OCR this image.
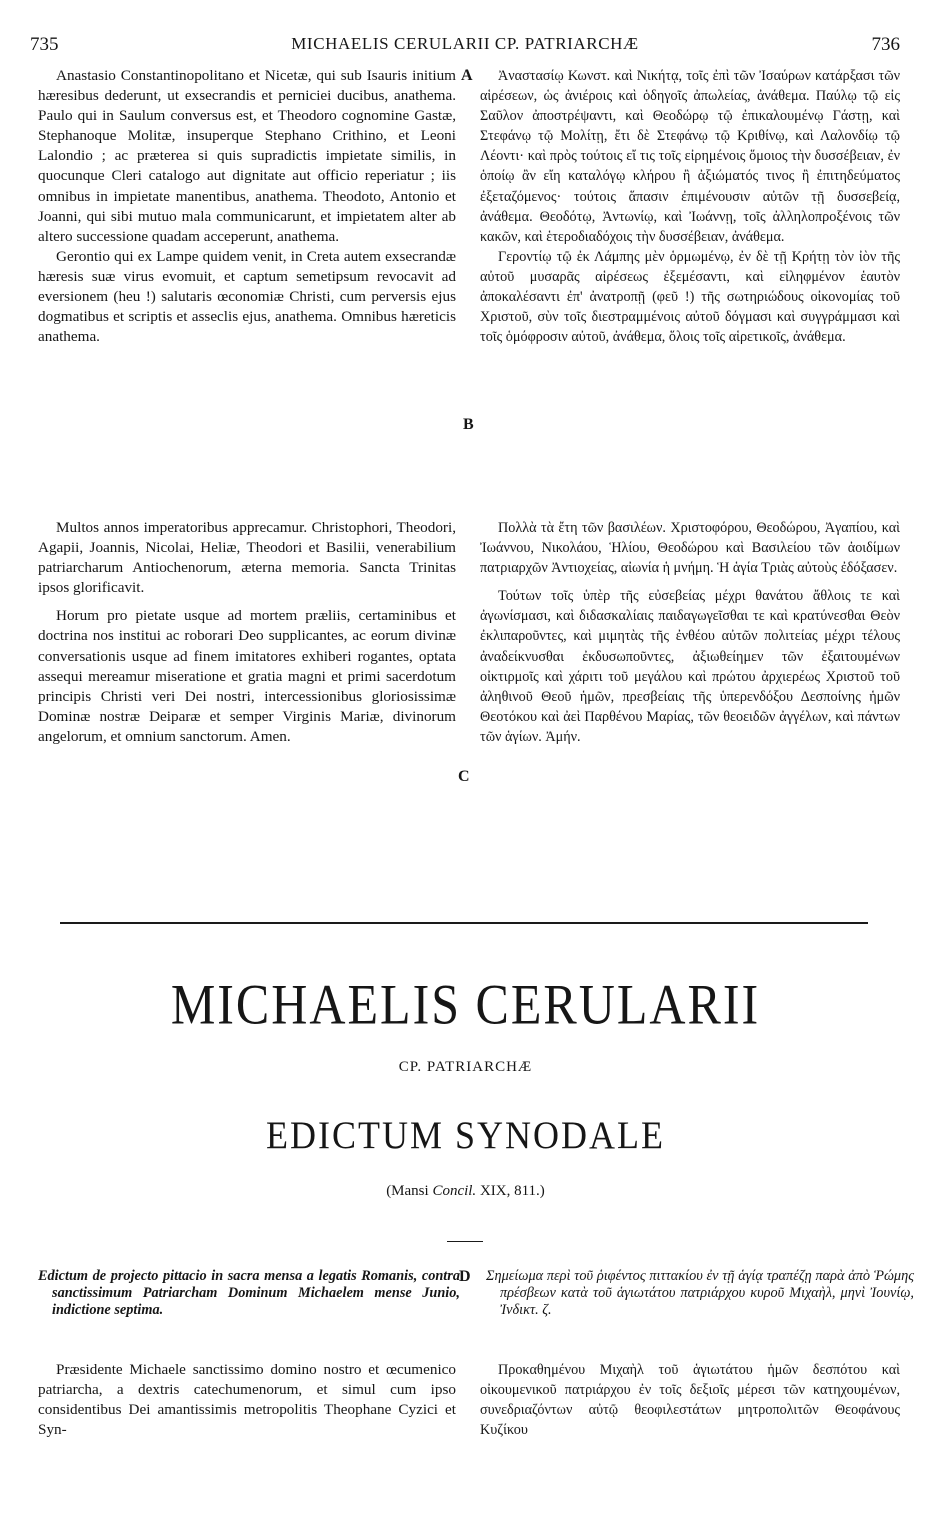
735	MICHAELIS CERULARII CP. PATRIARCHÆ	736

Anastasio Constantinopolitano et Nicetæ, qui sub Isauris initium hæresibus dederunt, ut exsecrandis et perniciei ducibus, anathema. Paulo qui in Saulum conversus est, et Theodoro cognomine Gastæ, Stephanoque Molitæ, insuperque Stephano Crithino, et Leoni Lalondio ; ac præterea si quis supradictis impietate similis, in quocunque Cleri catalogo aut dignitate aut officio reperiatur ; iis omnibus in impietate manentibus, anathema. Theodoto, Antonio et Joanni, qui sibi mutuo mala communicarunt, et impietatem alter ab altero successione quadam acceperunt, anathema.

Gerontio qui ex Lampe quidem venit, in Creta autem exsecrandæ hæresis suæ virus evomuit, et captum semetipsum revocavit ad eversionem (heu !) salutaris œconomiæ Christi, cum perversis ejus dogmatibus et scriptis et asseclis ejus, anathema. Omnibus hæreticis anathema.

Ἀναστασίῳ Κωνστ. καὶ Νικήτᾳ, τοῖς ἐπὶ τῶν Ἰσαύρων κατάρξασι τῶν αἱρέσεων, ὡς ἀνιέροις καὶ ὁδηγοῖς ἀπωλείας, ἀνάθεμα. Παύλῳ τῷ εἰς Σαῦλον ἀποστρέψαντι, καὶ Θεοδώρῳ τῷ ἐπικαλουμένῳ Γάστῃ, καὶ Στεφάνῳ τῷ Μολίτῃ, ἔτι δὲ Στεφάνῳ τῷ Κριθίνῳ, καὶ Λαλονδίῳ τῷ Λέοντι· καὶ πρὸς τούτοις εἴ τις τοῖς εἰρημένοις ὅμοιος τὴν δυσσέβειαν, ἐν ὁποίῳ ἂν εἴη καταλόγῳ κλήρου ἢ ἀξιώματός τινος ἢ ἐπιτηδεύματος ἐξεταζόμενος· τούτοις ἅπασιν ἐπιμένουσιν αὐτῶν τῇ δυσσεβείᾳ, ἀνάθεμα. Θεοδότῳ, Ἀντωνίῳ, καὶ Ἰωάννῃ, τοῖς ἀλληλοπροξένοις τῶν κακῶν, καὶ ἑτεροδιαδόχοις τὴν δυσσέβειαν, ἀνάθεμα.

Γεροντίῳ τῷ ἐκ Λάμπης μὲν ὁρμωμένῳ, ἐν δὲ τῇ Κρήτῃ τὸν ἰὸν τῆς αὐτοῦ μυσαρᾶς αἱρέσεως ἐξεμέσαντι, καὶ εἰληφμένον ἑαυτὸν ἀποκαλέσαντι ἐπ' ἀνατροπῇ (φεῦ !) τῆς σωτηριώδους οἰκονομίας τοῦ Χριστοῦ, σὺν τοῖς διεστραμμένοις αὐτοῦ δόγμασι καὶ συγγράμμασι καὶ τοῖς ὁμόφροσιν αὐτοῦ, ἀνάθεμα, ὅλοις τοῖς αἱρετικοῖς, ἀνάθεμα.

Multos annos imperatoribus apprecamur. Christophori, Theodori, Agapii, Joannis, Nicolai, Heliæ, Theodori et Basilii, venerabilium patriarcharum Antiochenorum, æterna memoria. Sancta Trinitas ipsos glorificavit.

Horum pro pietate usque ad mortem præliis, certaminibus et doctrina nos institui ac roborari Deo supplicantes, ac eorum divinæ conversationis usque ad finem imitatores exhiberi rogantes, optata assequi mereamur miseratione et gratia magni et primi sacerdotum principis Christi veri Dei nostri, intercessionibus gloriosissimæ Dominæ nostræ Deiparæ et semper Virginis Mariæ, divinorum angelorum, et omnium sanctorum. Amen.

Πολλὰ τὰ ἔτη τῶν βασιλέων. Χριστοφόρου, Θεοδώρου, Ἀγαπίου, καὶ Ἰωάννου, Νικολάου, Ἡλίου, Θεοδώρου καὶ Βασιλείου τῶν ἀοιδίμων πατριαρχῶν Ἀντιοχείας, αἰωνία ἡ μνήμη. Ἡ ἁγία Τριὰς αὐτοὺς ἐδόξασεν.

Τούτων τοῖς ὑπὲρ τῆς εὐσεβείας μέχρι θανάτου ἄθλοις τε καὶ ἀγωνίσμασι, καὶ διδασκαλίαις παιδαγωγεῖσθαι τε καὶ κρατύνεσθαι Θεὸν ἐκλιπαροῦντες, καὶ μιμητὰς τῆς ἐνθέου αὐτῶν πολιτείας μέχρι τέλους ἀναδείκνυσθαι ἐκδυσωποῦντες, ἀξιωθείημεν τῶν ἐξαιτουμένων οἰκτιρμοῖς καὶ χάριτι τοῦ μεγάλου καὶ πρώτου ἀρχιερέως Χριστοῦ τοῦ ἀληθινοῦ Θεοῦ ἡμῶν, πρεσβείαις τῆς ὑπερενδόξου Δεσποίνης ἡμῶν Θεοτόκου καὶ ἀεὶ Παρθένου Μαρίας, τῶν θεοειδῶν ἀγγέλων, καὶ πάντων τῶν ἁγίων. Ἀμήν.

A
B
C
MICHAELIS CERULARII
CP. PATRIARCHÆ
EDICTUM SYNODALE
(Mansi Concil. XIX, 811.)
Edictum de projecto pittacio in sacra mensa a legatis Romanis, contra sanctissimum Patriarcham Dominum Michaelem mense Junio, indictione septima.
D Σημείωμα περὶ τοῦ ῥιφέντος πιττακίου ἐν τῇ ἁγίᾳ τραπέζῃ παρὰ ἀπὸ Ῥώμης πρέσβεων κατὰ τοῦ ἁγιωτάτου πατριάρχου κυροῦ Μιχαὴλ, μηνὶ Ἰουνίῳ, Ἰνδικτ. ζ.

Præsidente Michaele sanctissimo domino nostro et œcumenico patriarcha, a dextris catechumenorum, et simul cum ipso considentibus Dei amantissimis metropolitis Theophane Cyzici et Syn-

Προκαθημένου Μιχαὴλ τοῦ ἁγιωτάτου ἡμῶν δεσπότου καὶ οἰκουμενικοῦ πατριάρχου ἐν τοῖς δεξιοῖς μέρεσι τῶν κατηχουμένων, συνεδριαζόντων αὐτῷ θεοφιλεστάτων μητροπολιτῶν Θεοφάνους Κυζίκου
